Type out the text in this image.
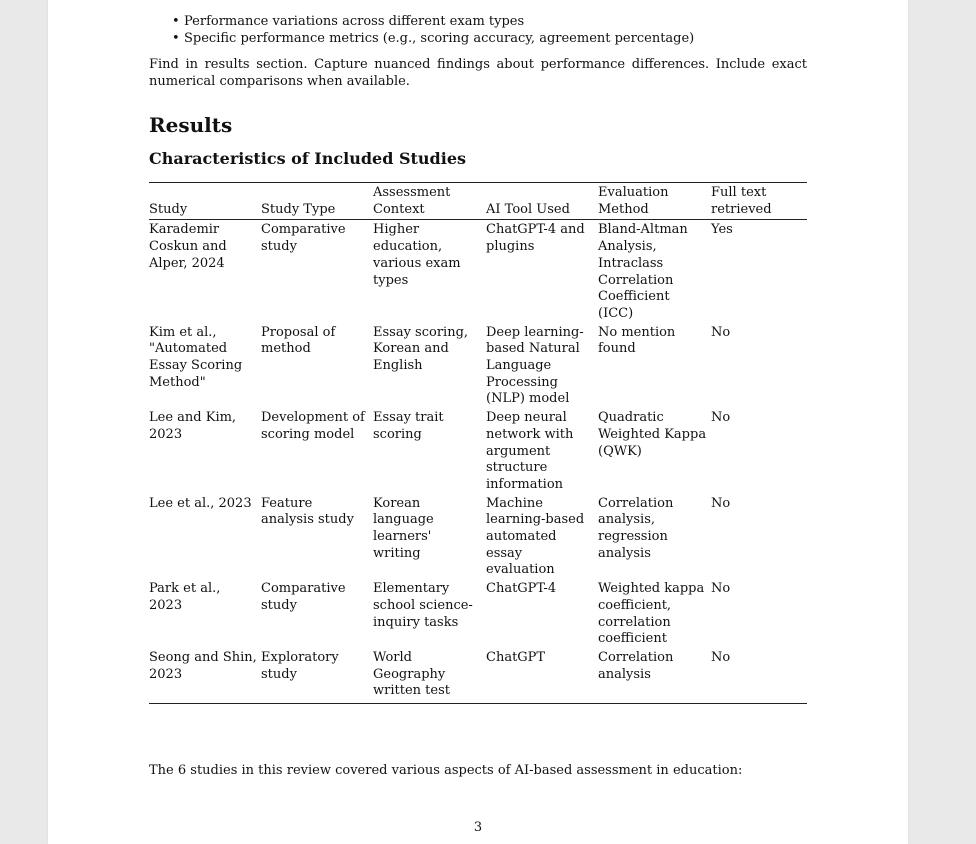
• Performance variations across different exam types
• Specific performance metrics (e.g., scoring accuracy, agreement percentage)

Find in results section. Capture nuanced findings about performance differences. Include exact numerical comparisons when available.

Results
Characteristics of Included Studies
Study	Study Type	Assessment Context	AI Tool Used	Evaluation Method	Full text retrieved
Karademir Coskun and Alper, 2024	Comparative study	Higher education, various exam types	ChatGPT-4 and plugins	Bland-Altman Analysis, Intraclass Correlation Coefficient (ICC)	Yes
Kim et al., "Automated Essay Scoring Method"	Proposal of method	Essay scoring, Korean and English	Deep learning-based Natural Language Processing (NLP) model	No mention found	No
Lee and Kim, 2023	Development of scoring model	Essay trait scoring	Deep neural network with argument structure information	Quadratic Weighted Kappa (QWK)	No
Lee et al., 2023	Feature analysis study	Korean language learners' writing	Machine learning-based automated essay evaluation	Correlation analysis, regression analysis	No
Park et al., 2023	Comparative study	Elementary school science-inquiry tasks	ChatGPT-4	Weighted kappa coefficient, correlation coefficient	No
Seong and Shin, 2023	Exploratory study	World Geography written test	ChatGPT	Correlation analysis	No

The 6 studies in this review covered various aspects of AI-based assessment in education:

3
